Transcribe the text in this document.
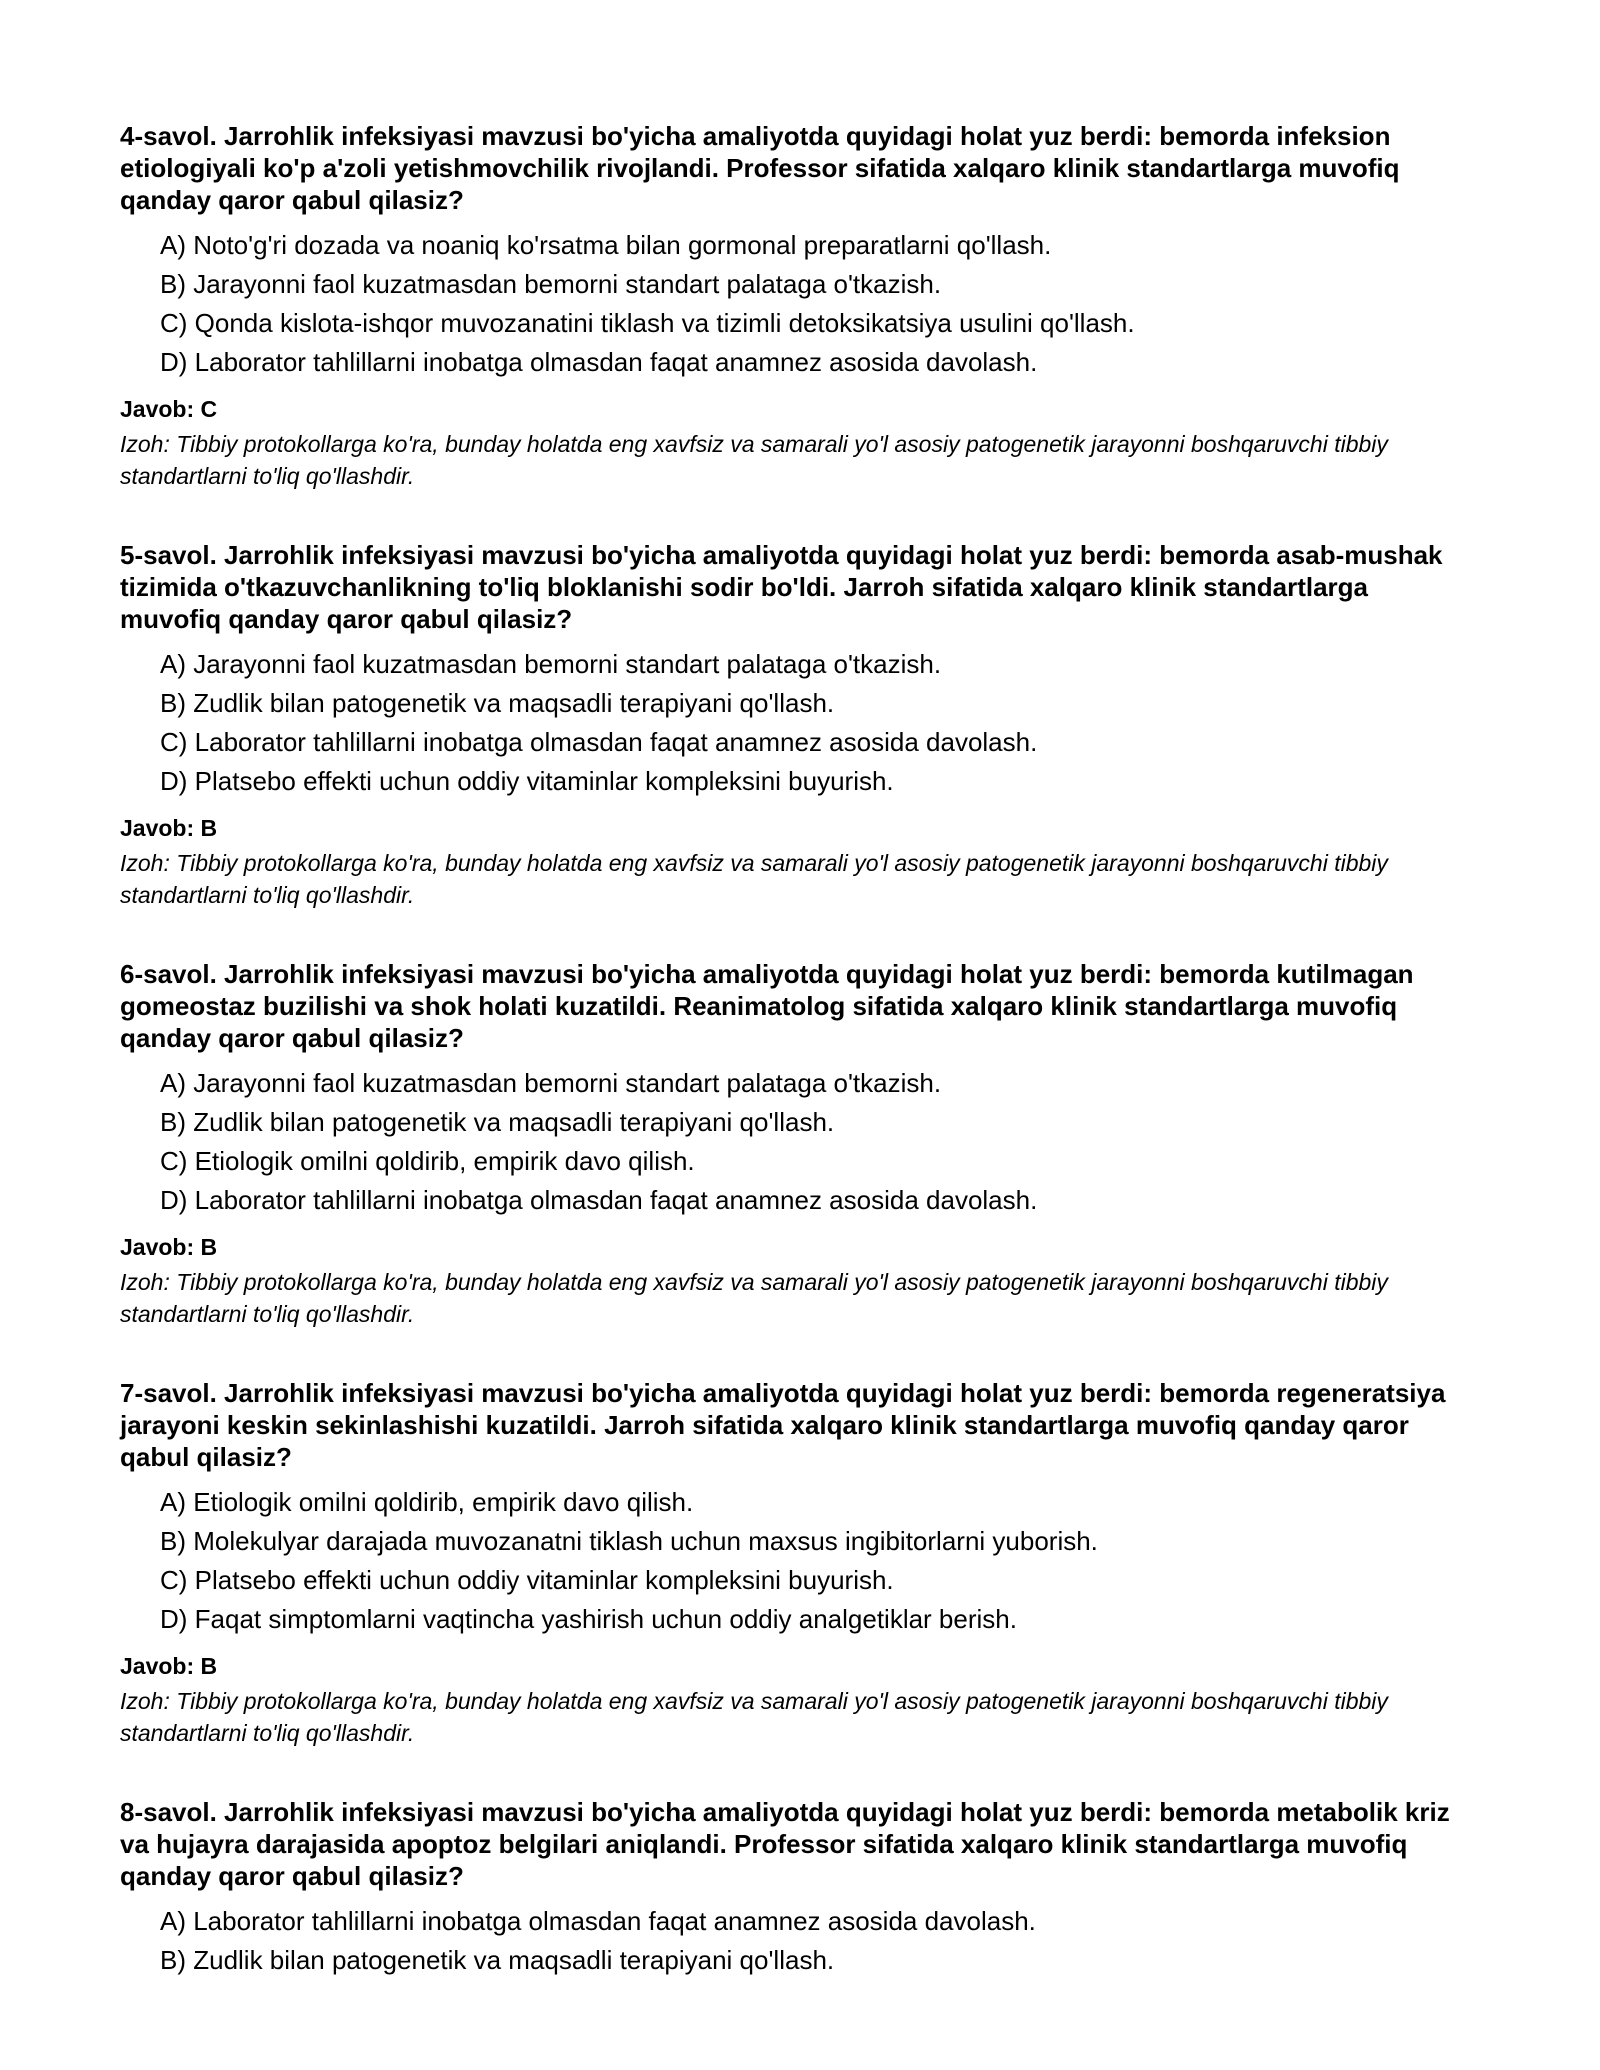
4-savol. Jarrohlik infeksiyasi mavzusi bo'yicha amaliyotda quyidagi holat yuz berdi: bemorda infeksion etiologiyali ko'p a'zoli yetishmovchilik rivojlandi. Professor sifatida xalqaro klinik standartlarga muvofiq qanday qaror qabul qilasiz?

A) Noto'g'ri dozada va noaniq ko'rsatma bilan gormonal preparatlarni qo'llash.
B) Jarayonni faol kuzatmasdan bemorni standart palataga o'tkazish.
C) Qonda kislota-ishqor muvozanatini tiklash va tizimli detoksikatsiya usulini qo'llash.
D) Laborator tahlillarni inobatga olmasdan faqat anamnez asosida davolash.

Javob: C

Izoh: Tibbiy protokollarga ko'ra, bunday holatda eng xavfsiz va samarali yo'l asosiy patogenetik jarayonni boshqaruvchi tibbiy standartlarni to'liq qo'llashdir.

5-savol. Jarrohlik infeksiyasi mavzusi bo'yicha amaliyotda quyidagi holat yuz berdi: bemorda asab-mushak tizimida o'tkazuvchanlikning to'liq bloklanishi sodir bo'ldi. Jarroh sifatida xalqaro klinik standartlarga muvofiq qanday qaror qabul qilasiz?

A) Jarayonni faol kuzatmasdan bemorni standart palataga o'tkazish.
B) Zudlik bilan patogenetik va maqsadli terapiyani qo'llash.
C) Laborator tahlillarni inobatga olmasdan faqat anamnez asosida davolash.
D) Platsebo effekti uchun oddiy vitaminlar kompleksini buyurish.

Javob: B

Izoh: Tibbiy protokollarga ko'ra, bunday holatda eng xavfsiz va samarali yo'l asosiy patogenetik jarayonni boshqaruvchi tibbiy standartlarni to'liq qo'llashdir.

6-savol. Jarrohlik infeksiyasi mavzusi bo'yicha amaliyotda quyidagi holat yuz berdi: bemorda kutilmagan gomeostaz buzilishi va shok holati kuzatildi. Reanimatolog sifatida xalqaro klinik standartlarga muvofiq qanday qaror qabul qilasiz?

A) Jarayonni faol kuzatmasdan bemorni standart palataga o'tkazish.
B) Zudlik bilan patogenetik va maqsadli terapiyani qo'llash.
C) Etiologik omilni qoldirib, empirik davo qilish.
D) Laborator tahlillarni inobatga olmasdan faqat anamnez asosida davolash.

Javob: B

Izoh: Tibbiy protokollarga ko'ra, bunday holatda eng xavfsiz va samarali yo'l asosiy patogenetik jarayonni boshqaruvchi tibbiy standartlarni to'liq qo'llashdir.

7-savol. Jarrohlik infeksiyasi mavzusi bo'yicha amaliyotda quyidagi holat yuz berdi: bemorda regeneratsiya jarayoni keskin sekinlashishi kuzatildi. Jarroh sifatida xalqaro klinik standartlarga muvofiq qanday qaror qabul qilasiz?

A) Etiologik omilni qoldirib, empirik davo qilish.
B) Molekulyar darajada muvozanatni tiklash uchun maxsus ingibitorlarni yuborish.
C) Platsebo effekti uchun oddiy vitaminlar kompleksini buyurish.
D) Faqat simptomlarni vaqtincha yashirish uchun oddiy analgetiklar berish.

Javob: B

Izoh: Tibbiy protokollarga ko'ra, bunday holatda eng xavfsiz va samarali yo'l asosiy patogenetik jarayonni boshqaruvchi tibbiy standartlarni to'liq qo'llashdir.

8-savol. Jarrohlik infeksiyasi mavzusi bo'yicha amaliyotda quyidagi holat yuz berdi: bemorda metabolik kriz va hujayra darajasida apoptoz belgilari aniqlandi. Professor sifatida xalqaro klinik standartlarga muvofiq qanday qaror qabul qilasiz?

A) Laborator tahlillarni inobatga olmasdan faqat anamnez asosida davolash.
B) Zudlik bilan patogenetik va maqsadli terapiyani qo'llash.
